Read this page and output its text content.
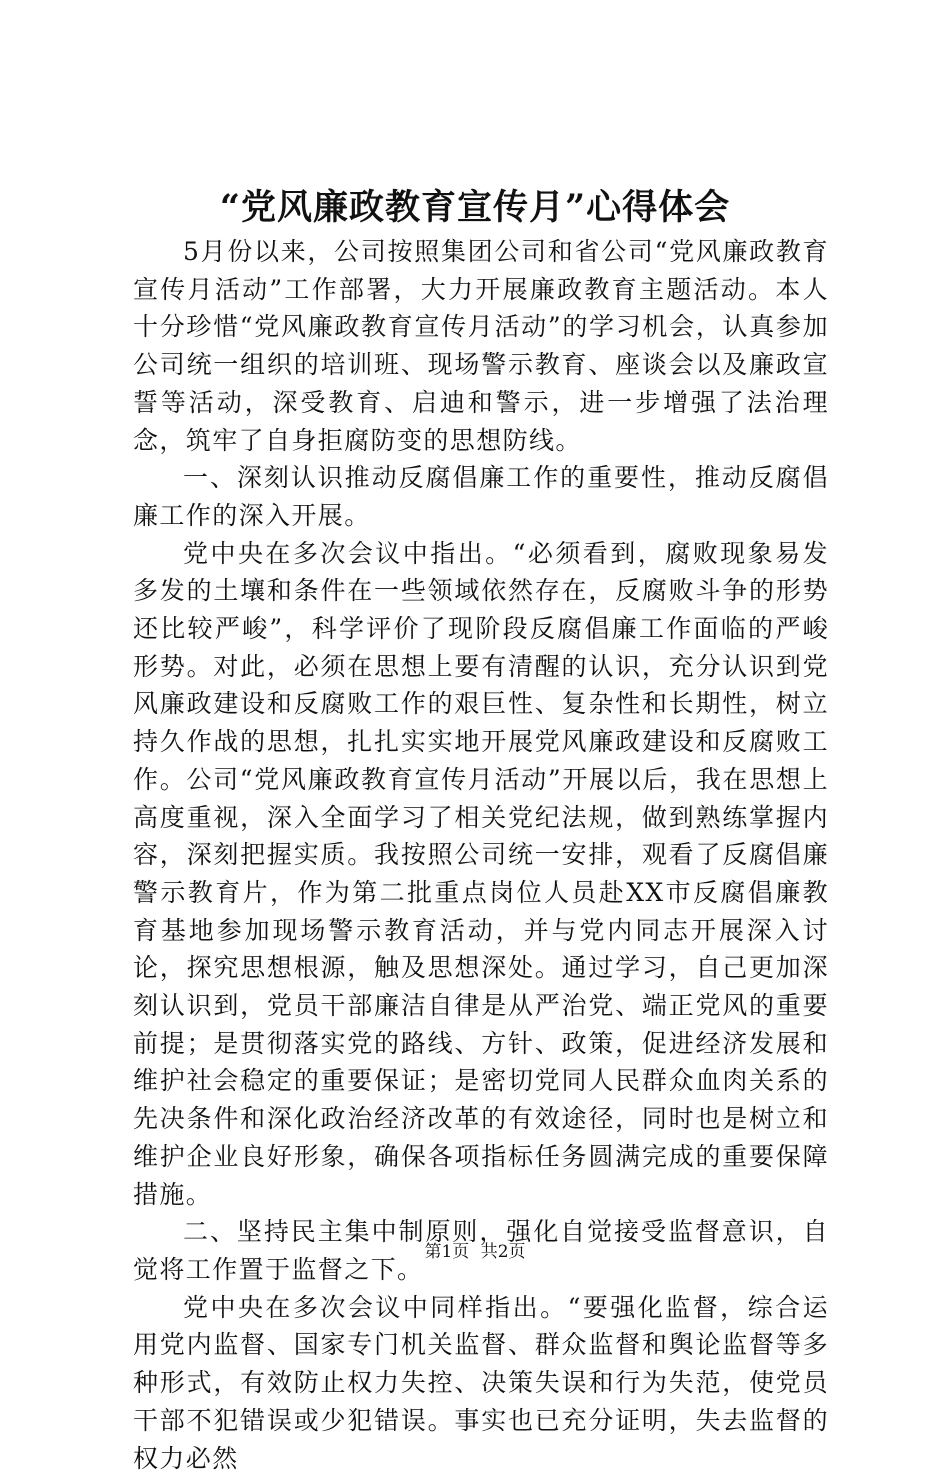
“党风廉政教育宣传月”心得体会

5月份以来，公司按照集团公司和省公司“党风廉政教育宣传月活动”工作部署，大力开展廉政教育主题活动。本人十分珍惜“党风廉政教育宣传月活动”的学习机会，认真参加公司统一组织的培训班、现场警示教育、座谈会以及廉政宣誓等活动，深受教育、启迪和警示，进一步增强了法治理念，筑牢了自身拒腐防变的思想防线。

一、深刻认识推动反腐倡廉工作的重要性，推动反腐倡廉工作的深入开展。

党中央在多次会议中指出。“必须看到，腐败现象易发多发的土壤和条件在一些领域依然存在，反腐败斗争的形势还比较严峻”，科学评价了现阶段反腐倡廉工作面临的严峻形势。对此，必须在思想上要有清醒的认识，充分认识到党风廉政建设和反腐败工作的艰巨性、复杂性和长期性，树立持久作战的思想，扎扎实实地开展党风廉政建设和反腐败工作。公司“党风廉政教育宣传月活动”开展以后，我在思想上高度重视，深入全面学习了相关党纪法规，做到熟练掌握内容，深刻把握实质。我按照公司统一安排，观看了反腐倡廉警示教育片，作为第二批重点岗位人员赴XX市反腐倡廉教育基地参加现场警示教育活动，并与党内同志开展深入讨论，探究思想根源，触及思想深处。通过学习，自己更加深刻认识到，党员干部廉洁自律是从严治党、端正党风的重要前提；是贯彻落实党的路线、方针、政策，促进经济发展和维护社会稳定的重要保证；是密切党同人民群众血肉关系的先决条件和深化政治经济改革的有效途径，同时也是树立和维护企业良好形象，确保各项指标任务圆满完成的重要保障措施。

二、坚持民主集中制原则，强化自觉接受监督意识，自觉将工作置于监督之下。

党中央在多次会议中同样指出。“要强化监督，综合运用党内监督、国家专门机关监督、群众监督和舆论监督等多种形式，有效防止权力失控、决策失误和行为失范，使党员干部不犯错误或少犯错误。事实也已充分证明，失去监督的权力必然

第1页 共2页
